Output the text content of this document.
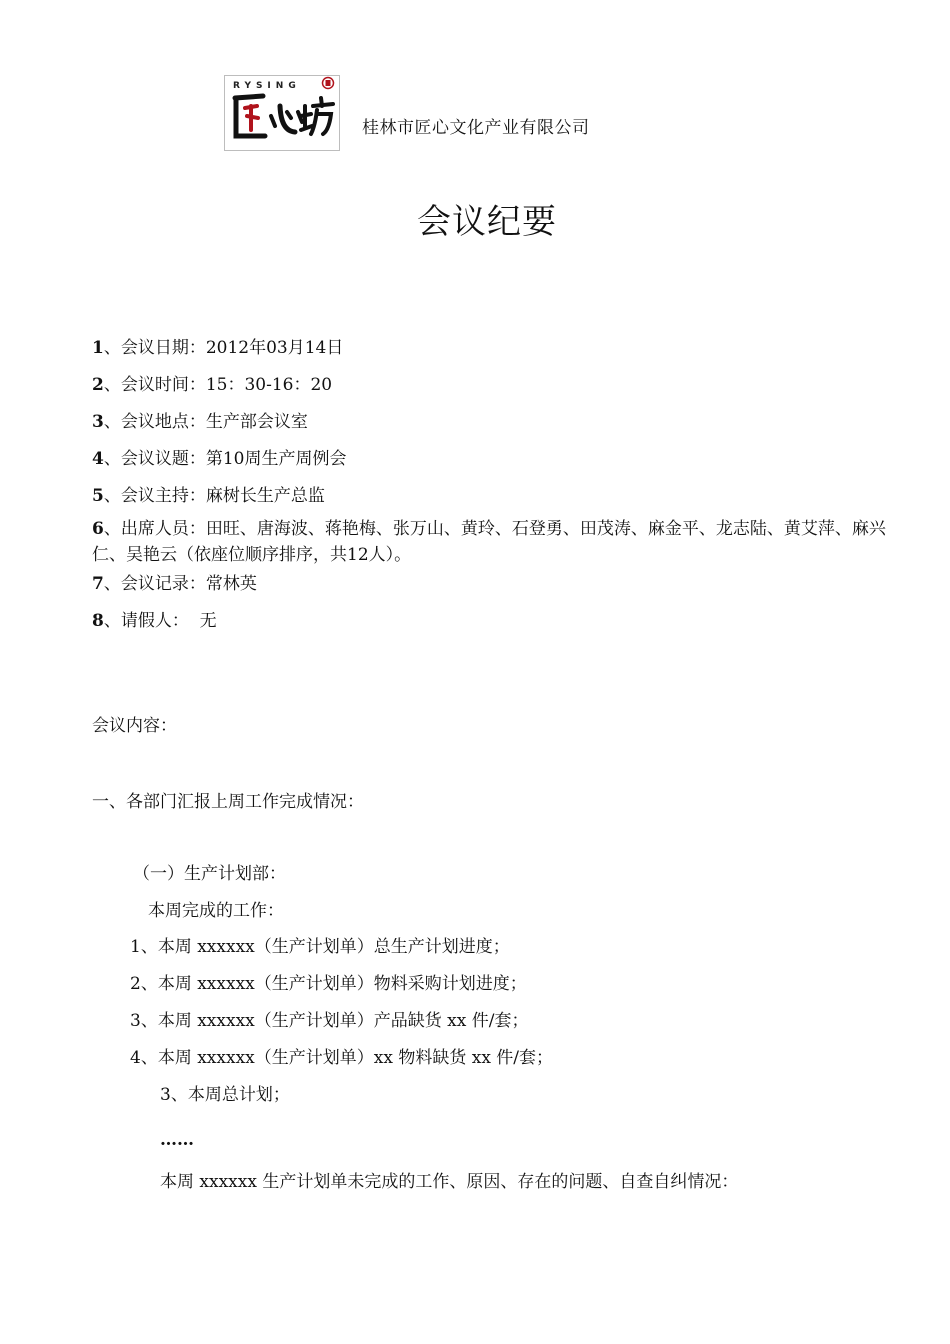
RYSING
桂林市匠心文化产业有限公司
会议纪要
1、会议日期：2012年03月14日
2、会议时间：15：30-16：20
3、会议地点：生产部会议室
4、会议议题：第10周生产周例会
5、会议主持：麻树长生产总监
6、出席人员：田旺、唐海波、蒋艳梅、张万山、黄玲、石登勇、田茂涛、麻金平、龙志陆、黄艾萍、麻兴仁、吴艳云（依座位顺序排序，共12人）。
7、会议记录：常林英
8、请假人：  无
会议内容：
一、各部门汇报上周工作完成情况：
（一）生产计划部：
本周完成的工作：
1、本周 xxxxxx（生产计划单）总生产计划进度；
2、本周 xxxxxx（生产计划单）物料采购计划进度；
3、本周 xxxxxx（生产计划单）产品缺货 xx 件/套；
4、本周 xxxxxx（生产计划单）xx 物料缺货 xx 件/套；
3、本周总计划；
……
本周 xxxxxx 生产计划单未完成的工作、原因、存在的问题、自查自纠情况：
